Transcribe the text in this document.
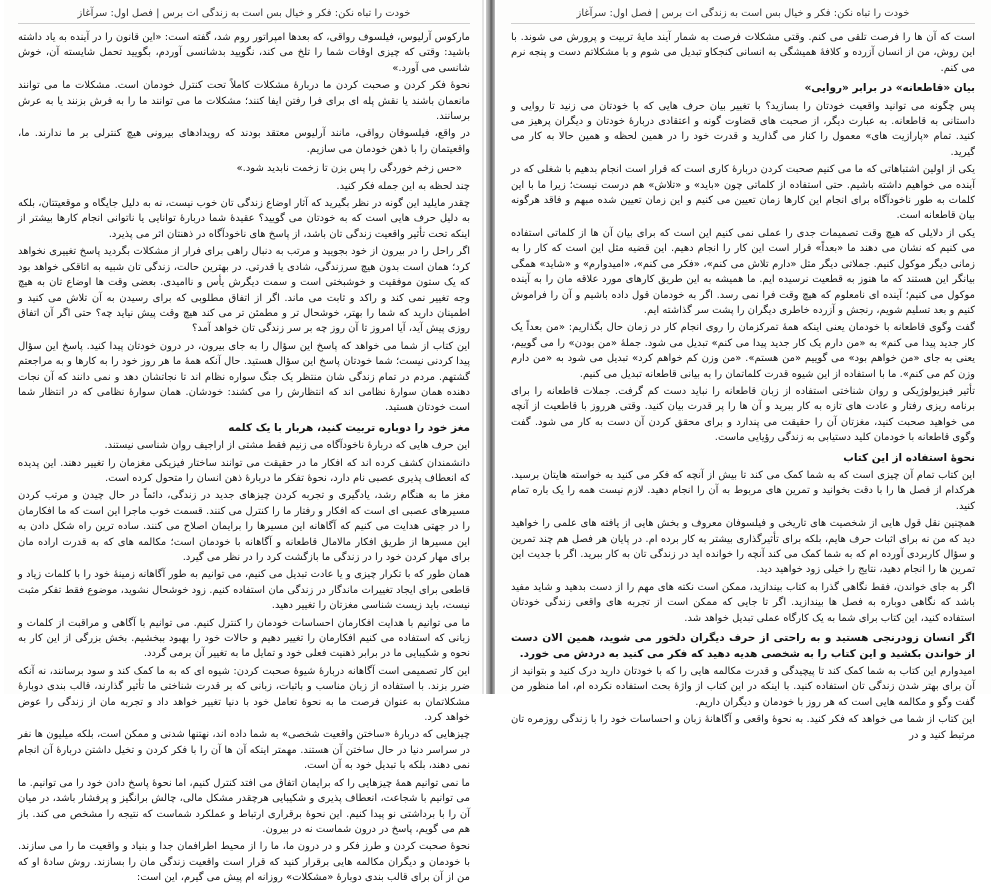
خودت را تباه نکن: فکر و خیال بس است به زندگی ات برس | فصل اول: سرآغاز

مارکوس آرلیوس، فیلسوف رواقی، که بعدها امپراتور روم شد، گفته است: «این قانون را در آینده به یاد داشته باشید: وقتی که چیزی اوقات شما را تلخ می کند، نگویید بدشانسی آوردم، بگویید تحمل شایسته آن، خوش شانسی می آورد.»

نحوهٔ فکر کردن و صحبت کردن ما دربارهٔ مشکلات کاملاً تحت کنترل خودمان است. مشکلات ما می توانند مانعمان باشند یا نقش پله ای برای فرا رفتن ایفا کنند؛ مشکلات ما می توانند ما را به فرش بزنند یا به عرش برسانند.

در واقع، فیلسوفان رواقی، مانند آرلیوس معتقد بودند که رویدادهای بیرونی هیچ کنترلی بر ما ندارند. ما، واقعیتمان را با ذهن خودمان می سازیم.

«حس زخم خوردگی را پس بزن تا زخمت نابدید شود.»

چند لحظه به این جمله فکر کنید.

چقدر مایلید این گونه در نظر بگیرید که آثار اوضاع زندگی تان خوب نیست، نه به دلیل جایگاه و موقعیتتان، بلکه به دلیل حرف هایی است که به خودتان می گویید؟ عقیدهٔ شما دربارهٔ توانایی یا ناتوانی انجام کارها بیشتر از اینکه تحت تأثیر واقعیت زندگی تان باشد، از پاسخ های ناخودآگاه در ذهنتان اثر می پذیرد.

اگر راحل را در بیرون از خود بجویید و مرتب به دنبال راهی برای فرار از مشکلات بگردید پاسخ تغییری نخواهد کرد؛ همان است بدون هیچ سرزندگی، شادی یا قدرتی. در بهترین حالت، زندگی تان شبیه به اتاقکی خواهد بود که یک ستون موفقیت و خوشبختی است و سمت دیگرش یأس و ناامیدی. بعضی وقت ها اوضاع تان به هیچ وجه تغییر نمی کند و راکد و ثابت می ماند. اگر از اتفاق مطلوبی که برای رسیدن به آن تلاش می کنید و اطمینان دارید که شما را بهتر، خوشحال تر و مطمئن تر می کند هیچ وقت پیش نیاید چه؟ حتی اگر آن اتفاق روزی پیش آید، آیا امروز تا آن روز چه بر سر زندگی تان خواهد آمد؟

این کتاب از شما می خواهد که پاسخ این سؤال را به جای بیرون، در درون خودتان پیدا کنید. پاسخ این سؤال پیدا کردنی نیست؛ شما خودتان پاسخ این سؤال هستید. حال آنکه همهٔ ما هر روز خود را به کارها و به مراجعتم گشتهم. مردم در تمام زندگی شان منتظر یک جنگ سواره نظام اند تا نجاتشان دهد و نمی دانند که آن نجات دهنده همان سوارهٔ نظامی اند که انتظارش را می کشند: خودشان. همان سوارهٔ نظامی که در انتظار شما است خودتان هستید.

مغز خود را دوباره تربیت کنید، هربار با یک کلمه

این حرف هایی که دربارهٔ ناخودآگاه می زنیم فقط مشتی از اراجیف روان شناسی نیستند.

دانشمندان کشف کرده اند که افکار ما در حقیقت می توانند ساختار فیزیکی مغزمان را تغییر دهند. این پدیده که انعطاف پذیری عصبی نام دارد، نحوهٔ تفکر ما دربارهٔ ذهن انسان را متحول کرده است.

مغز ما به هنگام رشد، یادگیری و تجربه کردن چیزهای جدید در زندگی، دائماً در حال چیدن و مرتب کردن مسیرهای عصبی ای است که افکار و رفتار ما را کنترل می کنند. قسمت خوب ماجرا این است که ما افکارمان را در جهتی هدایت می کنیم که آگاهانه این مسیرها را برایمان اصلاح می کنند. ساده ترین راه شکل دادن به این مسیرها از طریق افکار مالامال قاطعانه و آگاهانه با خودمان است؛ مکالمه های که به قدرت اراده مان برای مهار کردن خود را در زندگی ما بازگشت کرد را در نظر می گیرد.

همان طور که با تکرار چیزی و یا عادت تبدیل می کنیم، می توانیم به طور آگاهانه زمینهٔ خود را با کلمات زیاد و قاطعی برای ایجاد تغییرات ماندگار در زندگی مان استفاده کنیم. زود خوشحال نشوید، موضوع فقط تفکر مثبت نیست، باید زیست شناسی مغزتان را تغییر دهید.

ما می توانیم با هدایت افکارمان احساسات خودمان را کنترل کنیم. می توانیم با آگاهی و مراقبت از کلمات و زبانی که استفاده می کنیم افکارمان را تغییر دهیم و حالات خود را بهبود ببخشیم. بخش بزرگی از این کار به نحوه و شکیبایی ما در برابر ذهنیت فعلی خود و تمایل ما به تغییر آن برمی گردد.

این کار تصمیمی است آگاهانه دربارهٔ شیوهٔ صحبت کردن: شیوه ای که به ما کمک کند و سود برسانند، نه آنکه ضرر بزند. با استفاده از زبان مناسب و باثبات، زبانی که بر قدرت شناختی ما تأثیر گذارند، قالب بندی دوبارهٔ مشکلاتمان به عنوان فرصت ما به نحوهٔ تعامل خود با دنیا تغییر خواهد داد و تجربه مان از زندگی را عوض خواهد کرد.

چیزهایی که دربارهٔ «ساختن واقعیت شخصی» به شما داده اند، نهتنها شدنی و ممکن است، بلکه میلیون ها نفر در سراسر دنیا در حال ساختن آن هستند. مهمتر اینکه آن ها آن را با فکر کردن و تخیل داشتن دربارهٔ آن انجام نمی دهند، بلکه با تبدیل خود به آن است.

ما نمی توانیم همهٔ چیزهایی را که برایمان اتفاق می افتد کنترل کنیم، اما نحوهٔ پاسخ دادن خود را می توانیم. ما می توانیم با شجاعت، انعطاف پذیری و شکیبایی هرچقدر مشکل مالی، چالش برانگیز و پرفشار باشد، در میان آن را با برداشتی نو پیدا کنیم. این نحوهٔ برقراری ارتباط و عملکرد شماست که نتیجه را مشخص می کند. باز هم می گویم، پاسخ در درون شماست نه در بیرون.

نحوهٔ صحبت کردن و طرز فکر و در درون ما، ما را از محیط اطرافمان جدا و بنیاد و واقعیت ما را می سازند. با خودمان و دیگران مکالمه هایی برقرار کنید که قرار است واقعیت زندگی مان را بسازند. روش سادهٔ او که من از آن برای قالب بندی دوبارهٔ «مشکلات» روزانه ام پیش می گیرم، این است:

خودت را تباه نکن: فکر و خیال بس است به زندگی ات برس | فصل اول: سرآغاز

است که آن ها را فرصت تلقی می کنم. وقتی مشکلات فرصت به شمار آیند مایهٔ تربیت و پرورش می شوند. با این روش، من از انسان آزرده و کلافهٔ همیشگی به انسانی کنجکاو تبدیل می شوم و با مشکلاتم دست و پنجه نرم می کنم.

بیان «قاطعانه» در برابر «روایی»

پس چگونه می توانید واقعیت خودتان را بسازید؟ با تغییر بیان حرف هایی که با خودتان می زنید تا روایی و داستانی به قاطعانه. به عبارت دیگر، از صحبت های قضاوت گونه و اعتقادی دربارهٔ خودتان و دیگران پرهیز می کنید. تمام «پارازیت های» معمول را کنار می گذارید و قدرت خود را در همین لحظه و همین حالا به کار می گیرید.

یکی از اولین اشتباهاتی که ما می کنیم صحبت کردن دربارهٔ کاری است که قرار است انجام بدهیم با شغلی که در آینده می خواهیم داشته باشیم. حتی استفاده از کلماتی چون «باید» و «تلاش» هم درست نیست؛ زیرا ما با این کلمات به طور ناخودآگاه برای انجام این کارها زمان تعیین می کنیم و این زمان تعیین شده مبهم و فاقد هرگونه بیان قاطعانه است.

یکی از دلایلی که هیچ وقت تصمیمات جدی را عملی نمی کنیم این است که برای بیان آن ها از کلماتی استفاده می کنیم که نشان می دهند ما «بعداً» قرار است این کار را انجام دهیم. این قضیه مثل این است که کار را به زمانی دیگر موکول کنیم. جملاتی دیگر مثل «دارم تلاش می کنم»، «فکر می کنم»، «امیدوارم» و «شاید» همگی بیانگر این هستند که ما هنوز به قطعیت نرسیده ایم. ما همیشه به این طریق کارهای مورد علاقه مان را به آینده موکول می کنیم؛ آینده ای نامعلوم که هیچ وقت فرا نمی رسد. اگر به خودمان قول داده باشیم و آن را فراموش کنیم و بعد تسلیم شویم، رنجش و آزرده خاطری دیگران را پشت سر گذاشته ایم.

گفت وگوی قاطعانه با خودمان یعنی اینکه همهٔ تمرکزمان را روی انجام کار در زمان حال بگذاریم: «من بعداً یک کار جدید پیدا می کنم» به «من دارم یک کار جدید پیدا می کنم» تبدیل می شود. جملهٔ «من بودن» را می گوییم، یعنی به جای «من خواهم بود» می گوییم «من هستم». «من وزن کم خواهم کرد» تبدیل می شود به «من دارم وزن کم می کنم». ما با استفاده از این شیوه قدرت کلماتمان را به بیانی قاطعانه تبدیل می کنیم.

تأثیر فیزیولوژیکی و روان شناختی استفاده از زبان قاطعانه را نباید دست کم گرفت. جملات قاطعانه را برای برنامه ریزی رفتار و عادت های تازه به کار ببرید و آن ها را پر قدرت بیان کنید. وقتی هرروز با قاطعیت از آنچه می خواهید صحبت کنید، مغزتان آن را حقیقت می پندارد و برای محقق کردن آن دست به کار می شود. گفت وگوی قاطعانه با خودمان کلید دستیابی به زندگی رؤیایی ماست.

نحوهٔ استفاده از این کتاب

این کتاب تمام آن چیزی است که به شما کمک می کند تا بیش از آنچه که فکر می کنید به خواسته هایتان برسید. هرکدام از فصل ها را با دقت بخوانید و تمرین های مربوط به آن را انجام دهید. لازم نیست همه را یک باره تمام کنید.

همچنین نقل قول هایی از شخصیت های تاریخی و فیلسوفان معروف و بخش هایی از یافته های علمی را خواهید دید که من نه برای اثبات حرف هایم، بلکه برای تأثیرگذاری بیشتر به کار برده ام. در پایان هر فصل هم چند تمرین و سؤال کاربردی آورده ام که به شما کمک می کند آنچه را خوانده اید در زندگی تان به کار ببرید. اگر با جدیت این تمرین ها را انجام دهید، نتایج را خیلی زود خواهید دید.

اگر به جای خواندن، فقط نگاهی گذرا به کتاب بیندازید، ممکن است نکته های مهم را از دست بدهید و شاید مفید باشد که نگاهی دوباره به فصل ها بیندازید. اگر تا جایی که ممکن است از تجربه های واقعی زندگی خودتان استفاده کنید، این کتاب برای شما به یک کارگاه عملی تبدیل خواهد شد.

اگر انسان زودرنجی هستید و به راحتی از حرف دیگران دلخور می شوید، همین الان دست از خواندن بکشید و این کتاب را به شخصی هدیه دهید که فکر می کنید به دردش می خورد.

امیدوارم این کتاب به شما کمک کند تا پیچیدگی و قدرت مکالمه هایی را که با خودتان دارید درک کنید و بتوانید از آن برای بهتر شدن زندگی تان استفاده کنید. با اینکه در این کتاب از واژهٔ بحث استفاده نکرده ام، اما منظور من گفت وگو و مکالمه هایی است که هر روز با خودمان و دیگران داریم.

این کتاب از شما می خواهد که فکر کنید. به نحوهٔ واقعی و آگاهانهٔ زبان و احساسات خود را با زندگی روزمره تان مرتبط کنید و در
